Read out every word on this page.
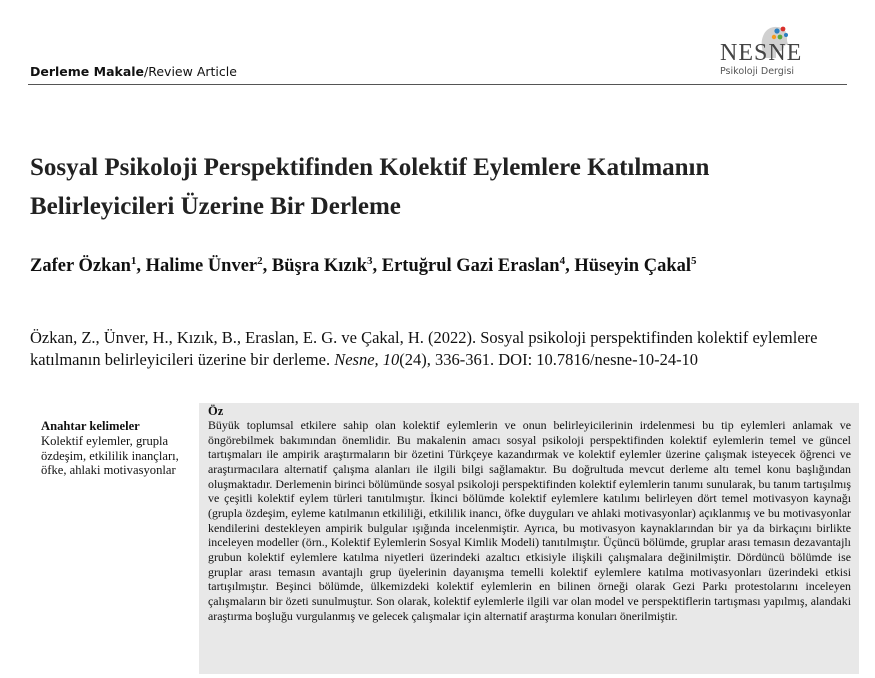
Derleme Makale/Review Article
NESNE
Psikoloji Dergisi
Sosyal Psikoloji Perspektifinden Kolektif Eylemlere Katılmanın Belirleyicileri Üzerine Bir Derleme
Zafer Özkan$^1$, Halime Ünver$^2$, Büşra Kızık$^3$, Ertuğrul Gazi Eraslan$^4$, Hüseyin Çakal$^5$
Özkan, Z., Ünver, H., Kızık, B., Eraslan, E. G. ve Çakal, H. (2022). Sosyal psikoloji perspektifinden kolektif eylemlere katılmanın belirleyicileri üzerine bir derleme. Nesne, 10(24), 336-361. DOI: 10.7816/nesne-10-24-10
Anahtar kelimeler
Kolektif eylemler, grupla özdeşim, etkililik inançları, öfke, ahlaki motivasyonlar
Öz
Büyük toplumsal etkilere sahip olan kolektif eylemlerin ve onun belirleyicilerinin irdelenmesi bu tip eylemleri anlamak ve öngörebilmek bakımından önemlidir. Bu makalenin amacı sosyal psikoloji perspektifinden kolektif eylemlerin temel ve güncel tartışmaları ile ampirik araştırmaların bir özetini Türkçeye kazandırmak ve kolektif eylemler üzerine çalışmak isteyecek öğrenci ve araştırmacılara alternatif çalışma alanları ile ilgili bilgi sağlamaktır. Bu doğrultuda mevcut derleme altı temel konu başlığından oluşmaktadır. Derlemenin birinci bölümünde sosyal psikoloji perspektifinden kolektif eylemlerin tanımı sunularak, bu tanım tartışılmış ve çeşitli kolektif eylem türleri tanıtılmıştır. İkinci bölümde kolektif eylemlere katılımı belirleyen dört temel motivasyon kaynağı (grupla özdeşim, eyleme katılmanın etkililiği, etkililik inancı, öfke duyguları ve ahlaki motivasyonlar) açıklanmış ve bu motivasyonlar kendilerini destekleyen ampirik bulgular ışığında incelenmiştir. Ayrıca, bu motivasyon kaynaklarından bir ya da birkaçını birlikte inceleyen modeller (örn., Kolektif Eylemlerin Sosyal Kimlik Modeli) tanıtılmıştır. Üçüncü bölümde, gruplar arası temasın dezavantajlı grubun kolektif eylemlere katılma niyetleri üzerindeki azaltıcı etkisiyle ilişkili çalışmalara değinilmiştir. Dördüncü bölümde ise gruplar arası temasın avantajlı grup üyelerinin dayanışma temelli kolektif eylemlere katılma motivasyonları üzerindeki etkisi tartışılmıştır. Beşinci bölümde, ülkemizdeki kolektif eylemlerin en bilinen örneği olarak Gezi Parkı protestolarını inceleyen çalışmaların bir özeti sunulmuştur. Son olarak, kolektif eylemlerle ilgili var olan model ve perspektiflerin tartışması yapılmış, alandaki araştırma boşluğu vurgulanmış ve gelecek çalışmalar için alternatif araştırma konuları önerilmiştir.
